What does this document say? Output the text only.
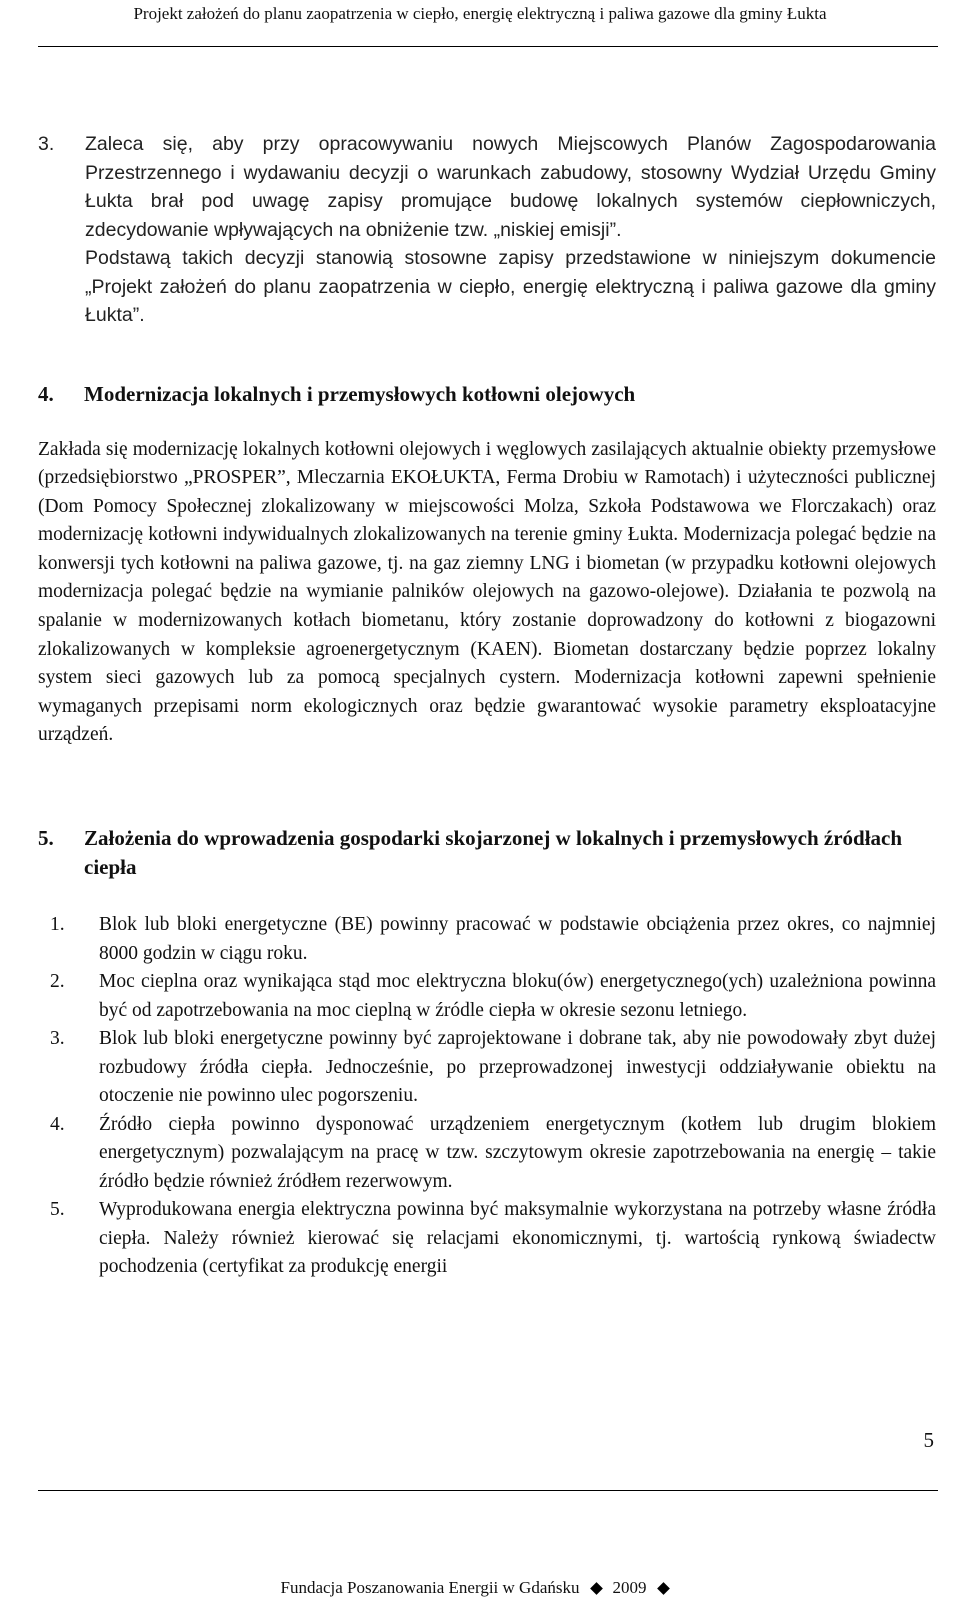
Projekt założeń do planu zaopatrzenia w ciepło, energię elektryczną i paliwa gazowe dla gminy Łukta
3.	Zaleca się, aby przy opracowywaniu nowych Miejscowych Planów Zagospodarowania Przestrzennego i wydawaniu decyzji o warunkach zabudowy, stosowny Wydział Urzędu Gminy Łukta brał pod uwagę zapisy promujące budowę lokalnych systemów ciepłowniczych, zdecydowanie wpływających na obniżenie tzw. „niskiej emisji”.

Podstawą takich decyzji stanowią stosowne zapisy przedstawione w niniejszym dokumencie „Projekt założeń do planu zaopatrzenia w ciepło, energię elektryczną i paliwa gazowe dla gminy Łukta”.

4.	Modernizacja lokalnych i przemysłowych kotłowni olejowych
Zakłada się modernizację lokalnych kotłowni olejowych i węglowych zasilających aktualnie obiekty przemysłowe (przedsiębiorstwo „PROSPER”, Mleczarnia EKOŁUKTA, Ferma Drobiu w Ramotach) i użyteczności publicznej (Dom Pomocy Społecznej zlokalizowany w miejscowości Molza, Szkoła Podstawowa we Florczakach) oraz modernizację kotłowni indywidualnych zlokalizowanych na terenie gminy Łukta. Modernizacja polegać będzie na konwersji tych kotłowni na paliwa gazowe, tj. na gaz ziemny LNG i biometan (w przypadku kotłowni olejowych modernizacja polegać będzie na wymianie palników olejowych na gazowo-olejowe). Działania te pozwolą na spalanie w modernizowanych kotłach biometanu, który zostanie doprowadzony do kotłowni z biogazowni zlokalizowanych w kompleksie agroenergetycznym (KAEN). Biometan dostarczany będzie poprzez lokalny system sieci gazowych lub za pomocą specjalnych cystern. Modernizacja kotłowni zapewni spełnienie wymaganych przepisami norm ekologicznych oraz będzie gwarantować wysokie parametry eksploatacyjne urządzeń.
5.	Założenia do wprowadzenia gospodarki skojarzonej w lokalnych i przemysłowych źródłach ciepła
1.	Blok lub bloki energetyczne (BE) powinny pracować w podstawie obciążenia przez okres, co najmniej 8000 godzin w ciągu roku.
2.	Moc cieplna oraz wynikająca stąd moc elektryczna bloku(ów) energetycznego(ych) uzależniona powinna być od zapotrzebowania na moc cieplną w źródle ciepła w okresie sezonu letniego.
3.	Blok lub bloki energetyczne powinny być zaprojektowane i dobrane tak, aby nie powodowały zbyt dużej rozbudowy źródła ciepła. Jednocześnie, po przeprowadzonej inwestycji oddziaływanie obiektu na otoczenie nie powinno ulec pogorszeniu.
4.	Źródło ciepła powinno dysponować urządzeniem energetycznym (kotłem lub drugim blokiem energetycznym) pozwalającym na pracę w tzw. szczytowym okresie zapotrzebowania na energię – takie źródło będzie również źródłem rezerwowym.
5.	Wyprodukowana energia elektryczna powinna być maksymalnie wykorzystana na potrzeby własne źródła ciepła. Należy również kierować się relacjami ekonomicznymi, tj. wartością rynkową świadectw pochodzenia (certyfikat za produkcję energii
5
Fundacja Poszanowania Energii w Gdańsku 2009
